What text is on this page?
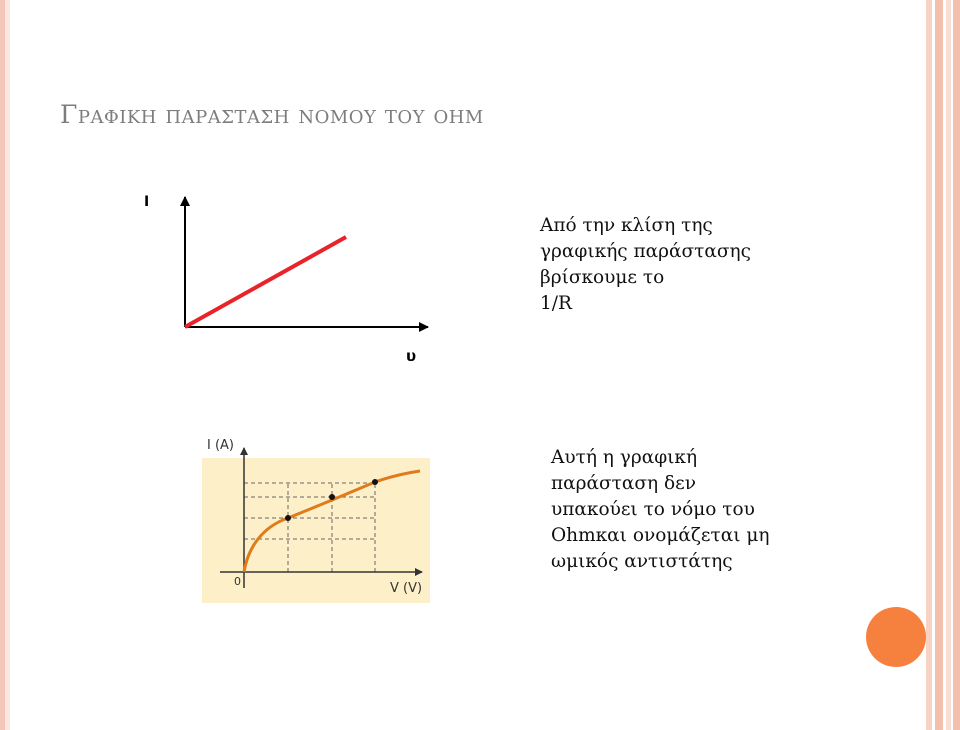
Γραφικη παρασταση νομου του οημ
I
υ
Από την κλίση της
γραφικής παράστασης
βρίσκουμε το
1/R
I (A)
V (V)
0
Αυτή η γραφική
παράσταση δεν
υπακούει το νόμο του
Ohmκαι ονομάζεται μη
ωμικός αντιστάτης
